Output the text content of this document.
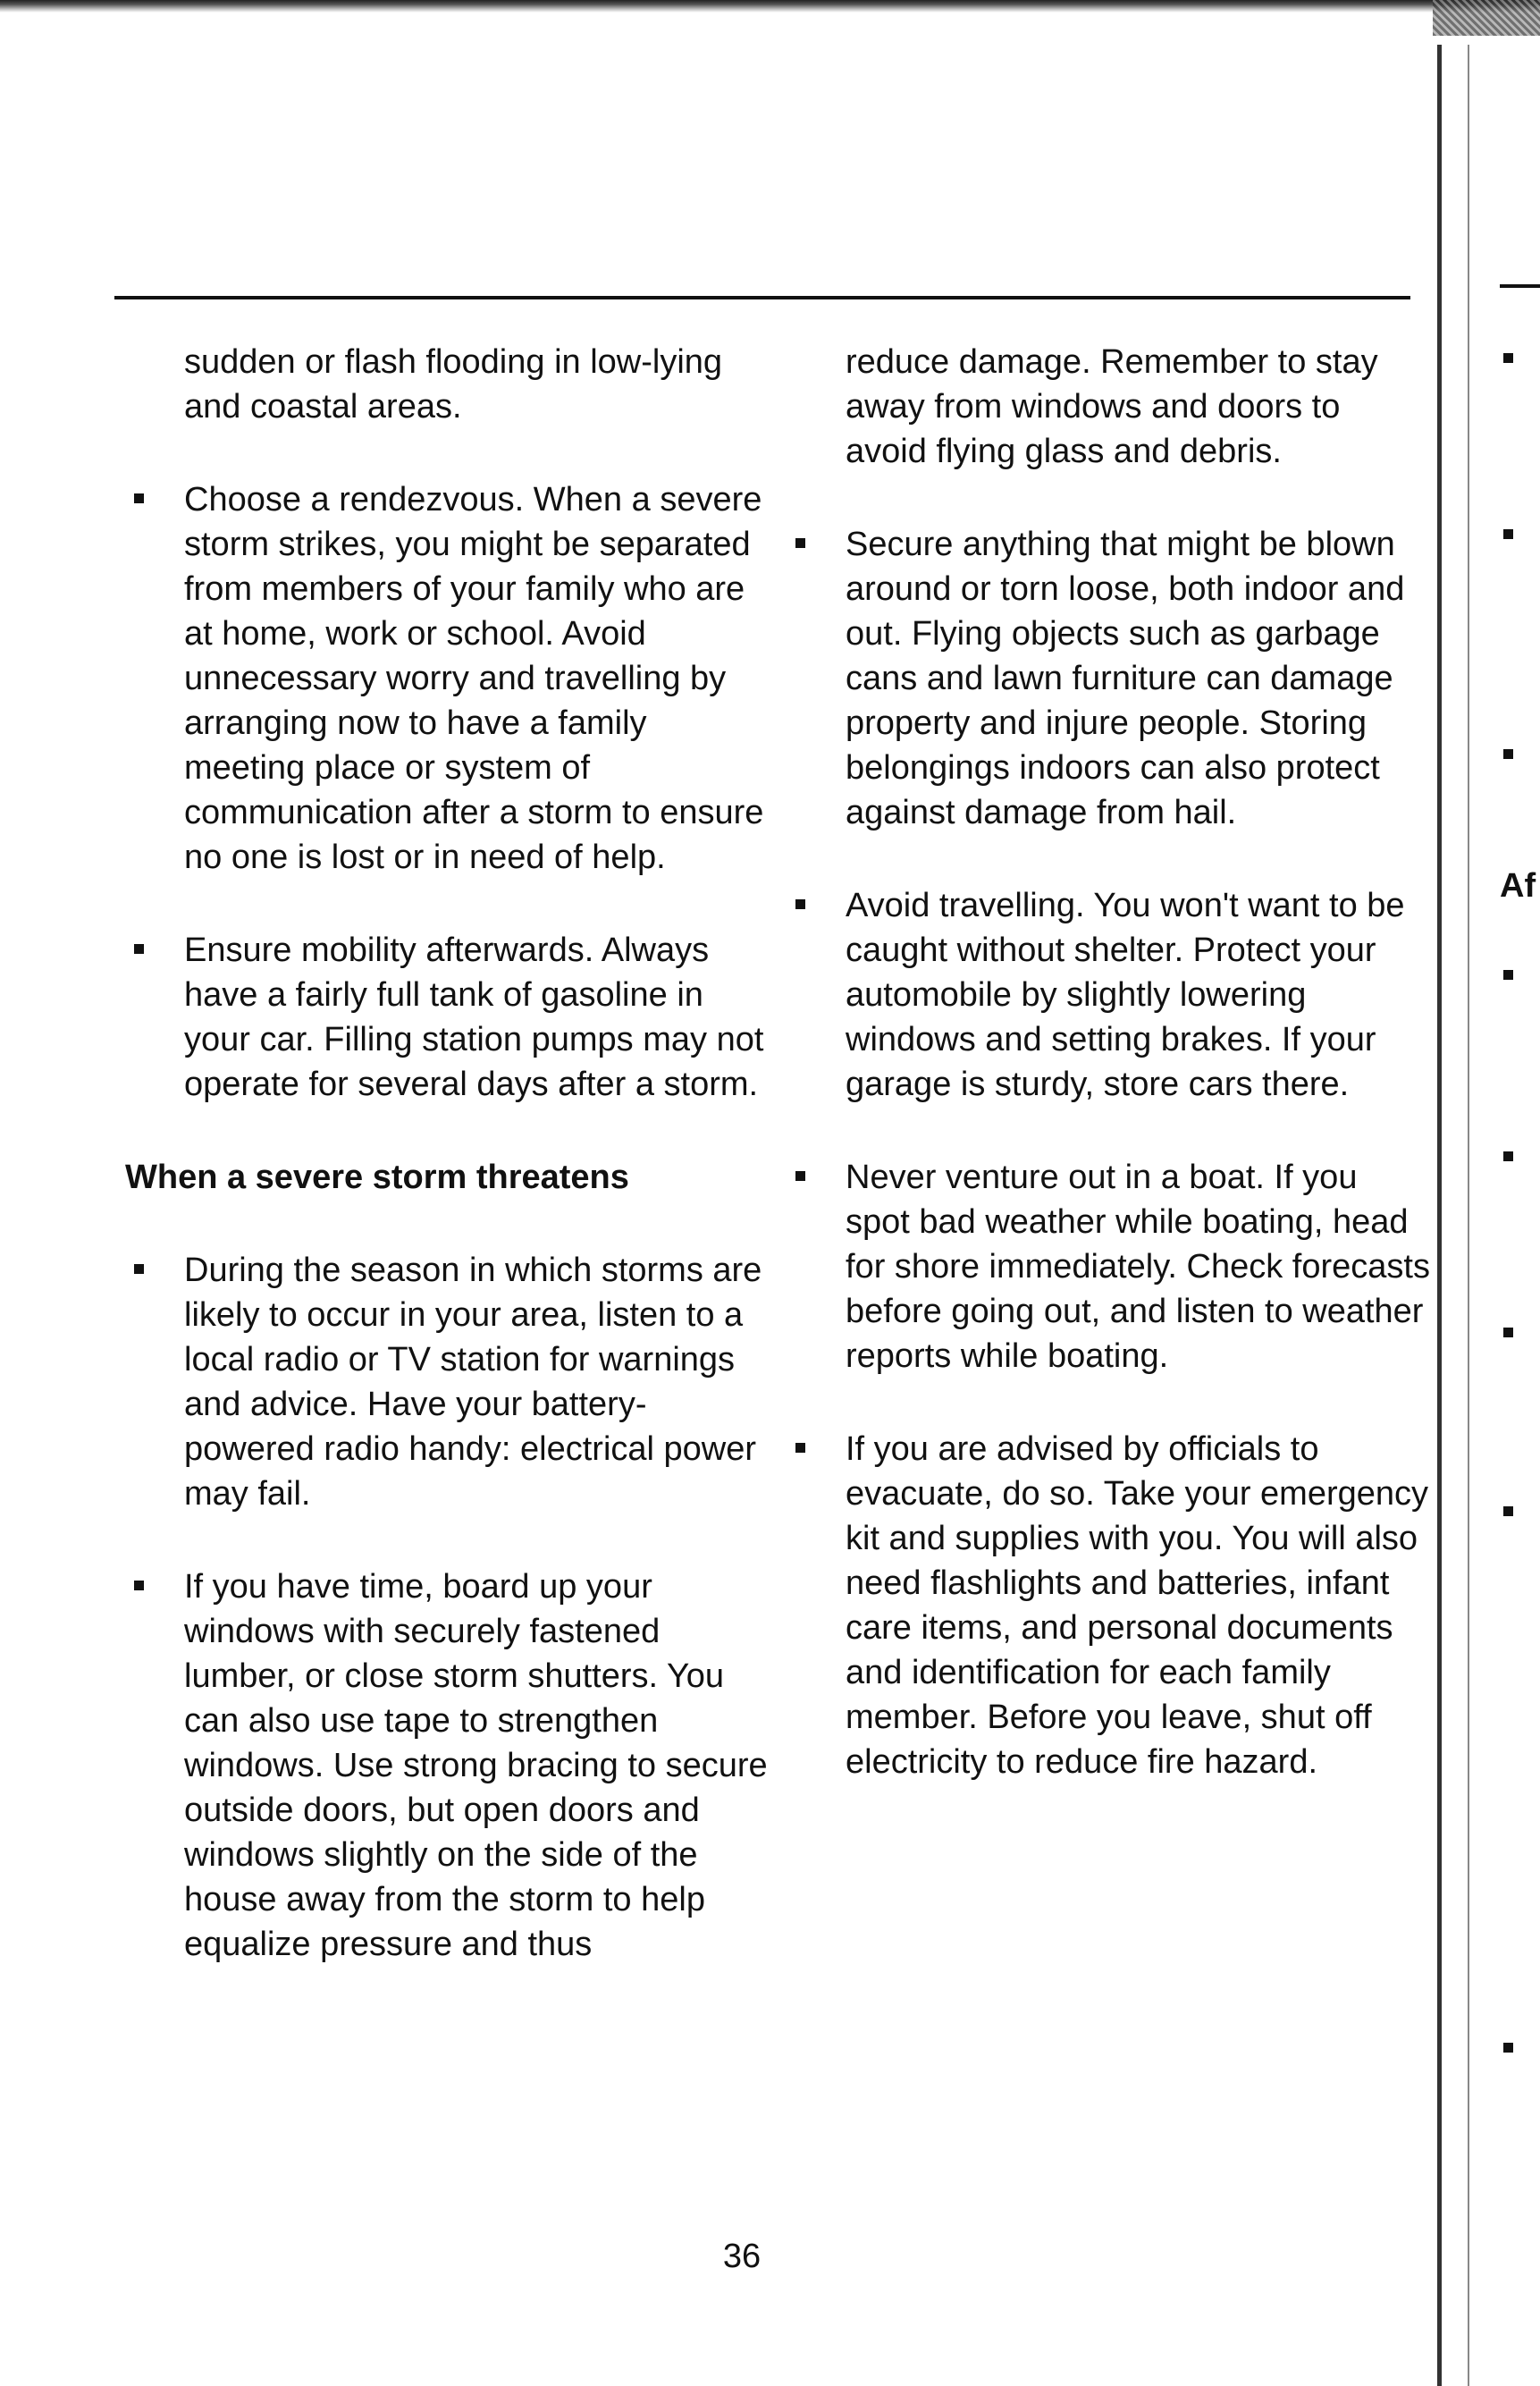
sudden or flash flooding in low-lying and coastal areas.

Choose a rendezvous. When a severe storm strikes, you might be separated from members of your family who are at home, work or school. Avoid unnecessary worry and travelling by arranging now to have a family meeting place or system of communication after a storm to ensure no one is lost or in need of help.
Ensure mobility afterwards. Always have a fairly full tank of gasoline in your car. Filling station pumps may not operate for several days after a storm.
When a severe storm threatens
During the season in which storms are likely to occur in your area, listen to a local radio or TV station for warnings and advice. Have your battery-powered radio handy: electrical power may fail.
If you have time, board up your windows with securely fastened lumber, or close storm shutters. You can also use tape to strengthen windows. Use strong bracing to secure outside doors, but open doors and windows slightly on the side of the house away from the storm to help equalize pressure and thus

reduce damage. Remember to stay away from windows and doors to avoid flying glass and debris.

Secure anything that might be blown around or torn loose, both indoor and out. Flying objects such as garbage cans and lawn furniture can damage property and injure people. Storing belongings indoors can also protect against damage from hail.
Avoid travelling. You won't want to be caught without shelter. Protect your automobile by slightly lowering windows and setting brakes. If your garage is sturdy, store cars there.
Never venture out in a boat. If you spot bad weather while boating, head for shore immediately. Check forecasts before going out, and listen to weather reports while boating.
If you are advised by officials to evacuate, do so. Take your emergency kit and supplies with you. You will also need flashlights and batteries, infant care items, and personal documents and identification for each family member. Before you leave, shut off electricity to reduce fire hazard.
36
Af
